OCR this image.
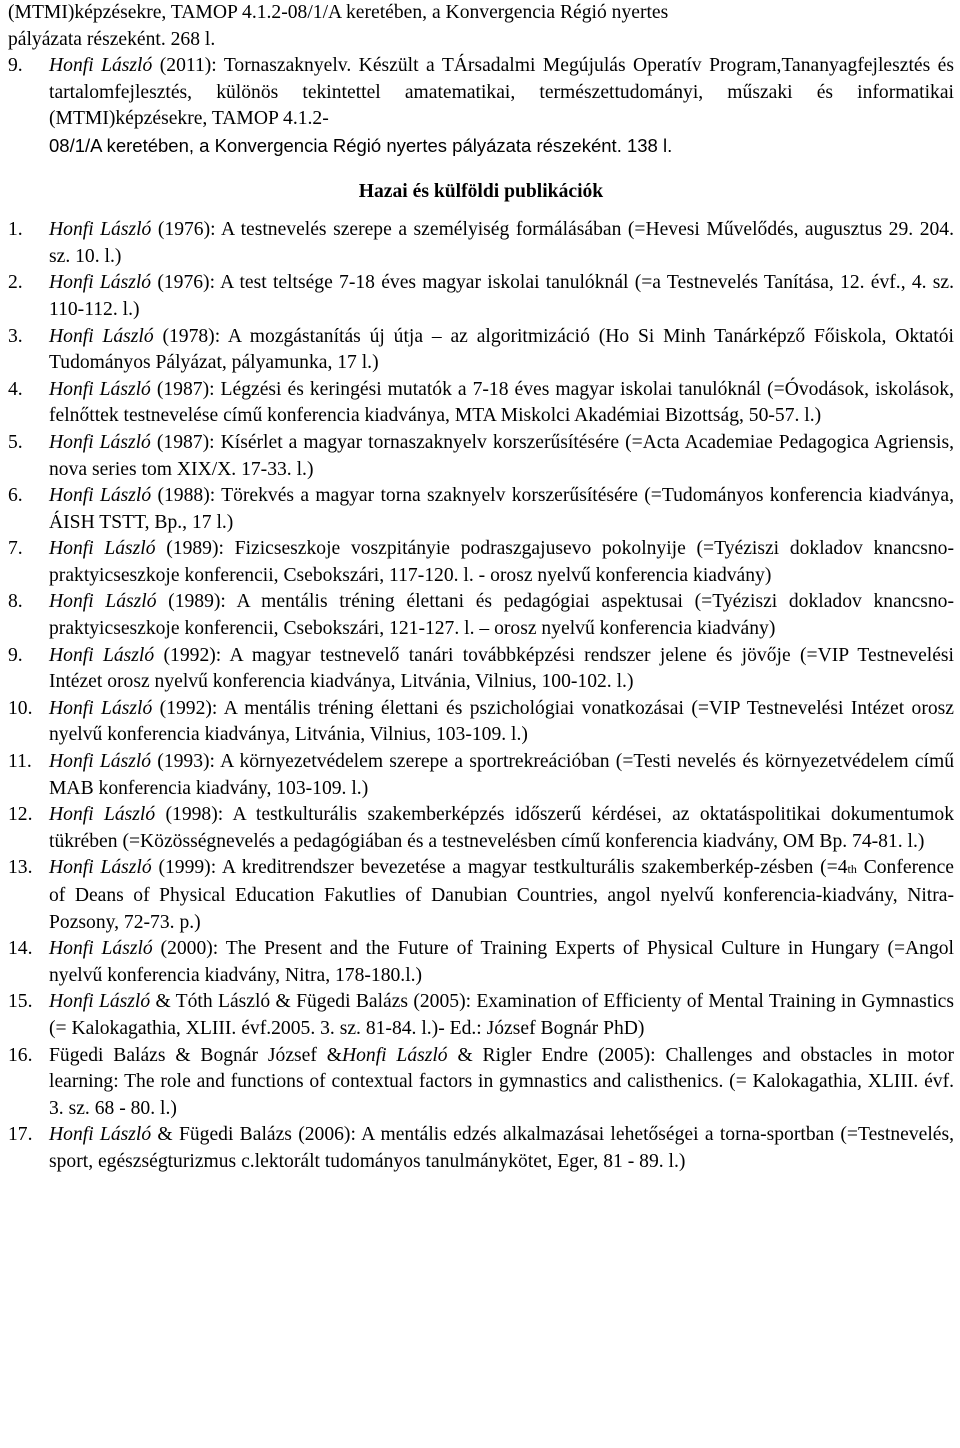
(MTMI)képzésekre, TAMOP 4.1.2-08/1/A keretében, a Konvergencia Régió nyertes
pályázata részeként. 268 l.
9.	Honfi László (2011): Tornaszaknyelv. Készült a TÁrsadalmi Megújulás Operatív Program,Tananyagfejlesztés és tartalomfejlesztés, különös tekintettel amatematikai, természettudományi, műszaki és informatikai (MTMI)képzésekre, TAMOP 4.1.2-
08/1/A keretében, a Konvergencia Régió nyertes pályázata részeként. 138 l.
Hazai és külföldi publikációk
1.	Honfi László (1976): A testnevelés szerepe a személyiség formálásában (=Hevesi Művelődés, augusztus 29. 204. sz. 10. l.)
2.	Honfi László (1976): A test teltsége 7-18 éves magyar iskolai tanulóknál (=a Testnevelés Tanítása, 12. évf., 4. sz. 110-112. l.)
3.	Honfi László (1978): A mozgástanítás új útja – az algoritmizáció (Ho Si Minh Tanárképző Főiskola, Oktatói Tudományos Pályázat, pályamunka, 17 l.)
4.	Honfi László (1987): Légzési és keringési mutatók a 7-18 éves magyar iskolai tanulóknál (=Óvodások, iskolások, felnőttek testnevelése című konferencia kiadványa, MTA Miskolci Akadémiai Bizottság, 50-57. l.)
5.	Honfi László (1987): Kísérlet a magyar tornaszaknyelv korszerűsítésére (=Acta Academiae Pedagogica Agriensis, nova series tom XIX/X. 17-33. l.)
6.	Honfi László (1988): Törekvés a magyar torna szaknyelv korszerűsítésére (=Tudományos konferencia kiadványa, ÁISH TSTT, Bp., 17 l.)
7.	Honfi László (1989): Fizicseszkoje voszpitányie podraszgajusevo pokolnyije (=Tyéziszi dokladov knancsno-praktyicseszkoje konferencii, Csebokszári, 117-120. l. - orosz nyelvű konferencia kiadvány)
8.	Honfi László (1989): A mentális tréning élettani és pedagógiai aspektusai (=Tyéziszi dokladov knancsno-praktyicseszkoje konferencii, Csebokszári, 121-127. l. – orosz nyelvű konferencia kiadvány)
9.	Honfi László (1992): A magyar testnevelő tanári továbbképzési rendszer jelene és jövője (=VIP Testnevelési Intézet orosz nyelvű konferencia kiadványa, Litvánia, Vilnius, 100-102. l.)
10. Honfi László (1992): A mentális tréning élettani és pszichológiai vonatkozásai (=VIP Testnevelési Intézet orosz nyelvű konferencia kiadványa, Litvánia, Vilnius, 103-109. l.)
11. Honfi László (1993): A környezetvédelem szerepe a sportrekreációban (=Testi nevelés és környezetvédelem című MAB konferencia kiadvány, 103-109. l.)
12. Honfi László (1998): A testkulturális szakemberképzés időszerű kérdései, az oktatáspolitikai dokumentumok tükrében (=Közösségnevelés a pedagógiában és a testnevelésben című konferencia kiadvány, OM Bp. 74-81. l.)
13. Honfi László (1999): A kreditrendszer bevezetése a magyar testkulturális szakemberkép-zésben (=4th Conference of Deans of Physical Education Fakutlies of Danubian Countries, angol nyelvű konferencia-kiadvány, Nitra-Pozsony, 72-73. p.)
14. Honfi László (2000): The Present and the Future of Training Experts of Physical Culture in Hungary (=Angol nyelvű konferencia kiadvány, Nitra, 178-180.l.)
15. Honfi László & Tóth László & Fügedi Balázs (2005): Examination of Efficienty of Mental Training in Gymnastics (= Kalokagathia, XLIII. évf.2005. 3. sz. 81-84. l.)- Ed.: József Bognár PhD)
16. Fügedi Balázs & Bognár József &Honfi László & Rigler Endre (2005): Challenges and obstacles in motor learning: The role and functions of contextual factors in gymnastics and calisthenics. (= Kalokagathia, XLIII. évf. 3. sz. 68 - 80. l.)
17. Honfi László & Fügedi Balázs (2006): A mentális edzés alkalmazásai lehetőségei a torna-sportban (=Testnevelés, sport, egészségturizmus c.lektorált tudományos tanulmánykötet, Eger, 81 - 89. l.)
